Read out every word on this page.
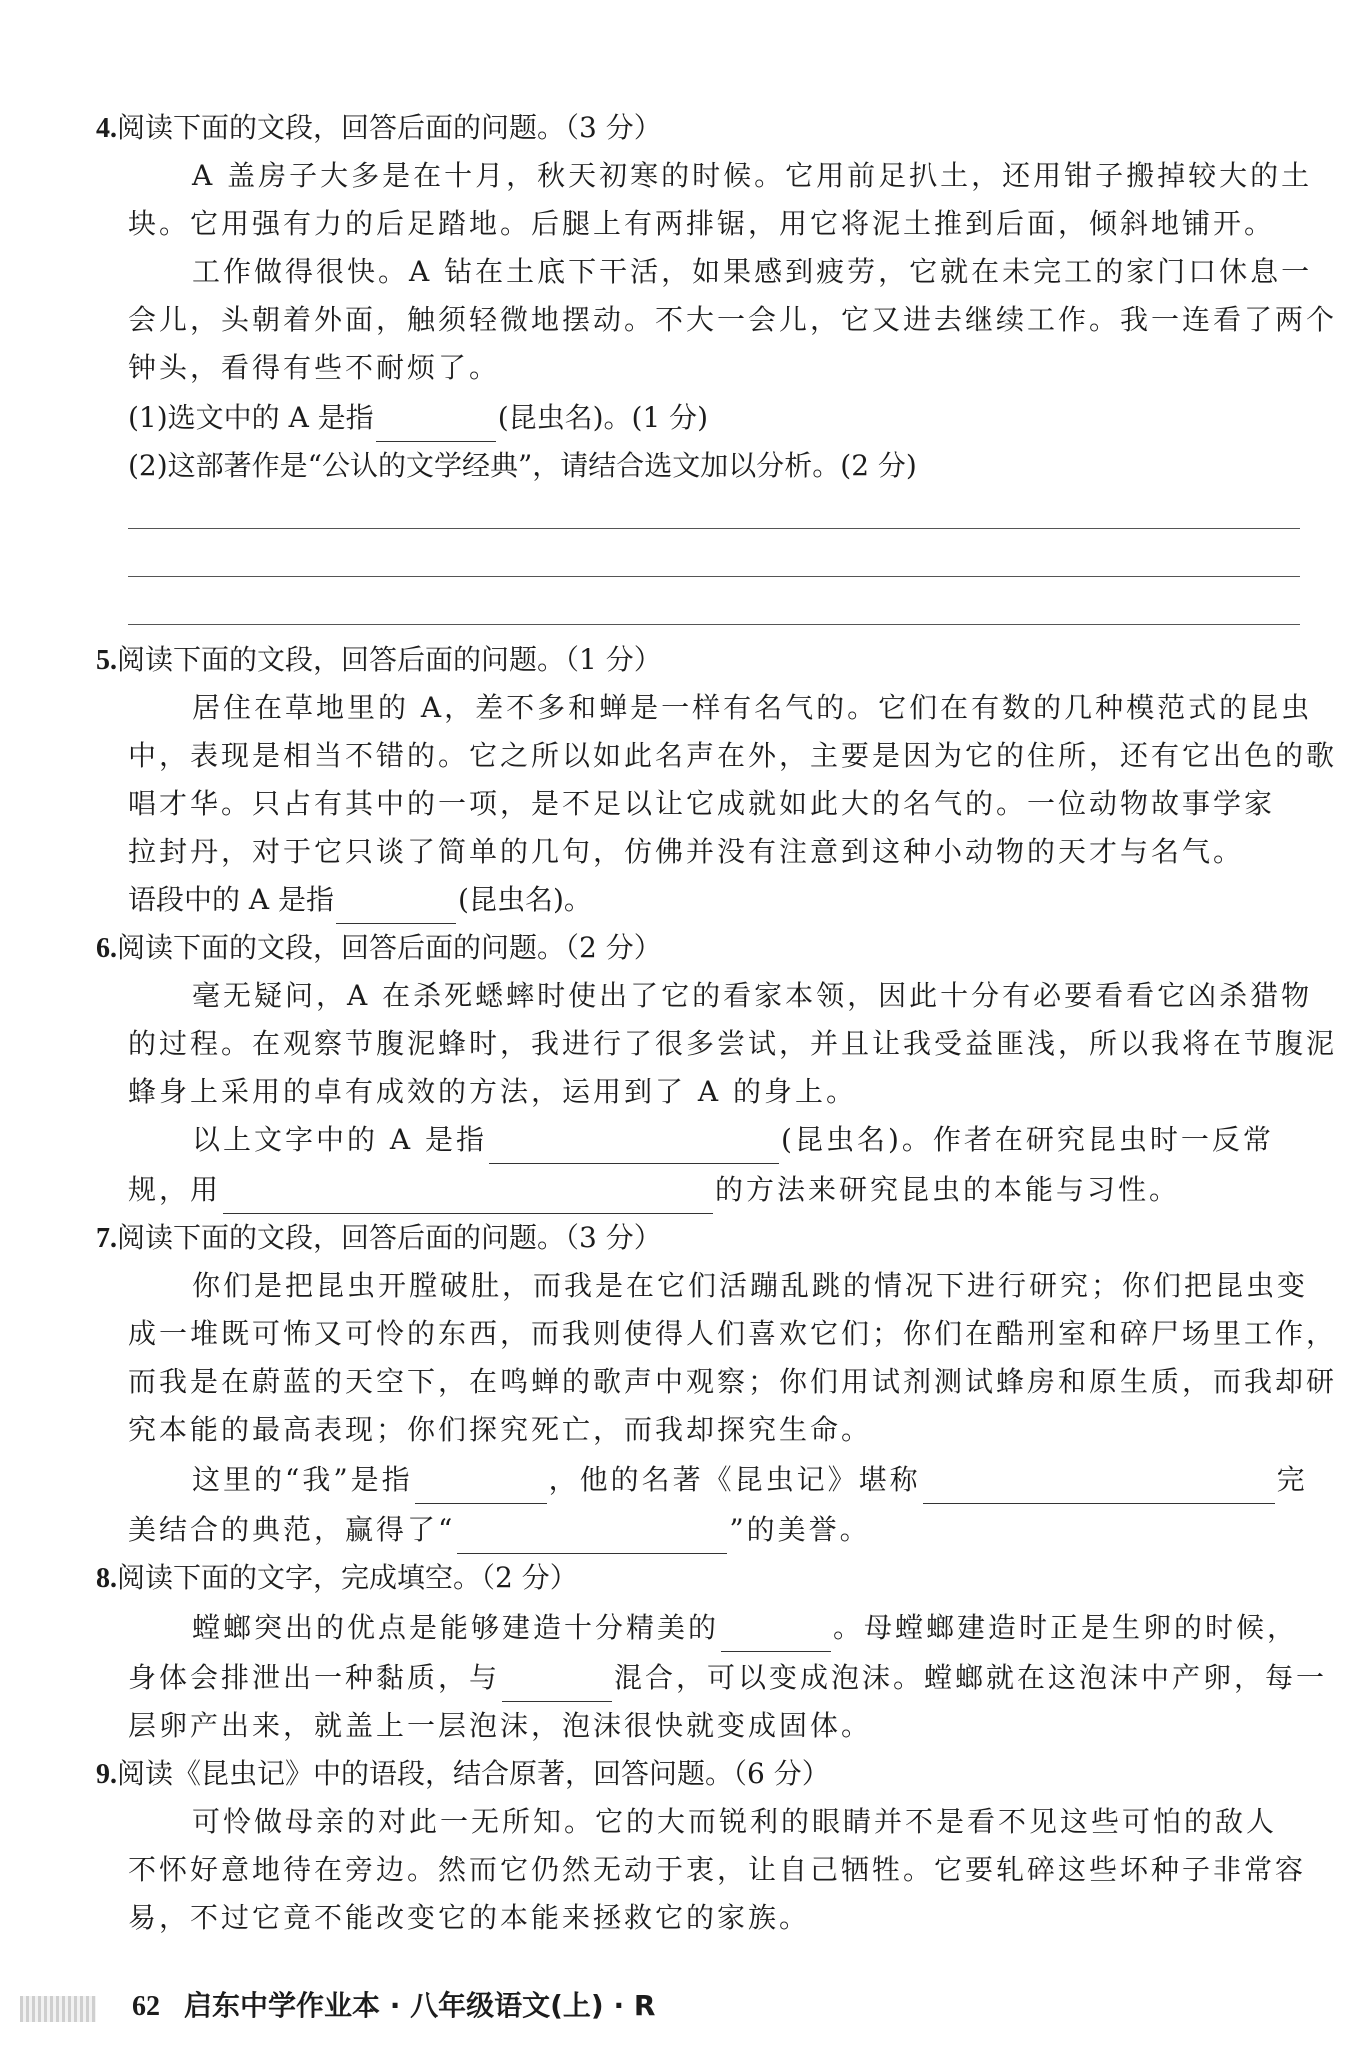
4.阅读下面的文段，回答后面的问题。（3 分）
A 盖房子大多是在十月，秋天初寒的时候。它用前足扒土，还用钳子搬掉较大的土
块。它用强有力的后足踏地。后腿上有两排锯，用它将泥土推到后面，倾斜地铺开。
工作做得很快。A 钻在土底下干活，如果感到疲劳，它就在未完工的家门口休息一
会儿，头朝着外面，触须轻微地摆动。不大一会儿，它又进去继续工作。我一连看了两个
钟头，看得有些不耐烦了。
(1)选文中的 A 是指	(昆虫名)。(1 分)
(2)这部著作是“公认的文学经典”，请结合选文加以分析。(2 分)
5.阅读下面的文段，回答后面的问题。（1 分）
居住在草地里的 A，差不多和蝉是一样有名气的。它们在有数的几种模范式的昆虫
中，表现是相当不错的。它之所以如此名声在外，主要是因为它的住所，还有它出色的歌
唱才华。只占有其中的一项，是不足以让它成就如此大的名气的。一位动物故事学家
拉封丹，对于它只谈了简单的几句，仿佛并没有注意到这种小动物的天才与名气。
语段中的 A 是指	(昆虫名)。
6.阅读下面的文段，回答后面的问题。（2 分）
毫无疑问，A 在杀死蟋蟀时使出了它的看家本领，因此十分有必要看看它凶杀猎物
的过程。在观察节腹泥蜂时，我进行了很多尝试，并且让我受益匪浅，所以我将在节腹泥
蜂身上采用的卓有成效的方法，运用到了 A 的身上。
以上文字中的 A 是指	(昆虫名)。作者在研究昆虫时一反常
规，用	的方法来研究昆虫的本能与习性。
7.阅读下面的文段，回答后面的问题。（3 分）
你们是把昆虫开膛破肚，而我是在它们活蹦乱跳的情况下进行研究；你们把昆虫变
成一堆既可怖又可怜的东西，而我则使得人们喜欢它们；你们在酷刑室和碎尸场里工作，
而我是在蔚蓝的天空下，在鸣蝉的歌声中观察；你们用试剂测试蜂房和原生质，而我却研
究本能的最高表现；你们探究死亡，而我却探究生命。
这里的“我”是指	，他的名著《昆虫记》堪称	完
美结合的典范，赢得了“	”的美誉。
8.阅读下面的文字，完成填空。（2 分）
螳螂突出的优点是能够建造十分精美的	。母螳螂建造时正是生卵的时候，
身体会排泄出一种黏质，与	混合，可以变成泡沫。螳螂就在这泡沫中产卵，每一
层卵产出来，就盖上一层泡沫，泡沫很快就变成固体。
9.阅读《昆虫记》中的语段，结合原著，回答问题。（6 分）
可怜做母亲的对此一无所知。它的大而锐利的眼睛并不是看不见这些可怕的敌人
不怀好意地待在旁边。然而它仍然无动于衷，让自己牺牲。它要轧碎这些坏种子非常容
易，不过它竟不能改变它的本能来拯救它的家族。
62 启东中学作业本 · 八年级语文(上) · R
